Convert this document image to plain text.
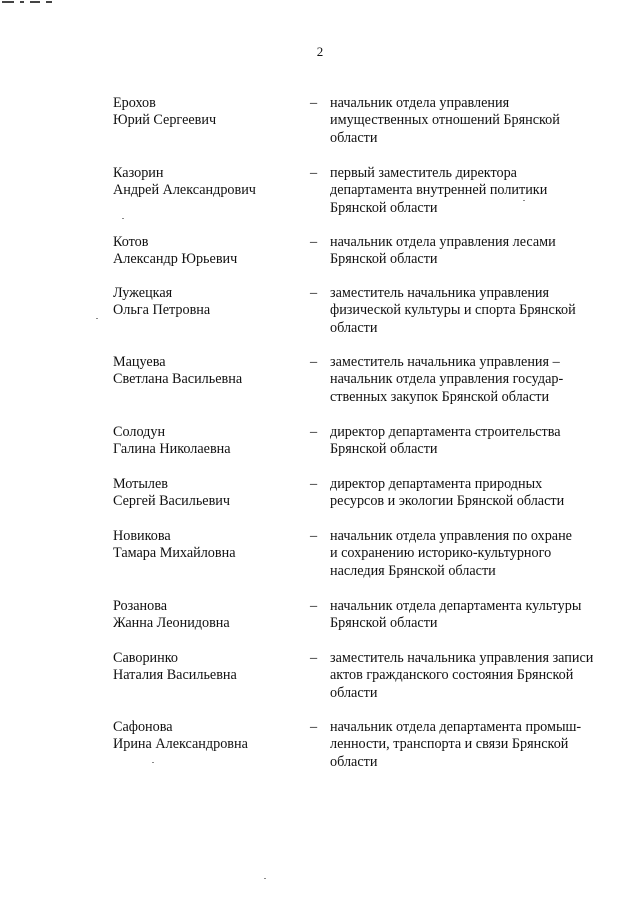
2
Ерохов
Юрий Сергеевич
– начальник отдела управления
имущественных отношений Брянской
области
Казорин
Андрей Александрович
– первый заместитель директора
департамента внутренней политики
Брянской области
Котов
Александр Юрьевич
– начальник отдела управления лесами
Брянской области
Лужецкая
Ольга Петровна
– заместитель начальника управления
физической культуры и спорта Брянской
области
Мацуева
Светлана Васильевна
– заместитель начальника управления –
начальник отдела управления государ-
ственных закупок Брянской области
Солодун
Галина Николаевна
– директор департамента строительства
Брянской области
Мотылев
Сергей Васильевич
– директор департамента природных
ресурсов и экологии Брянской области
Новикова
Тамара Михайловна
– начальник отдела управления по охране
и сохранению историко-культурного
наследия Брянской области
Розанова
Жанна Леонидовна
– начальник отдела департамента культуры
Брянской области
Саворинко
Наталия Васильевна
– заместитель начальника управления записи
актов гражданского состояния Брянской
области
Сафонова
Ирина Александровна
– начальник отдела департамента промыш-
ленности, транспорта и связи Брянской
области
